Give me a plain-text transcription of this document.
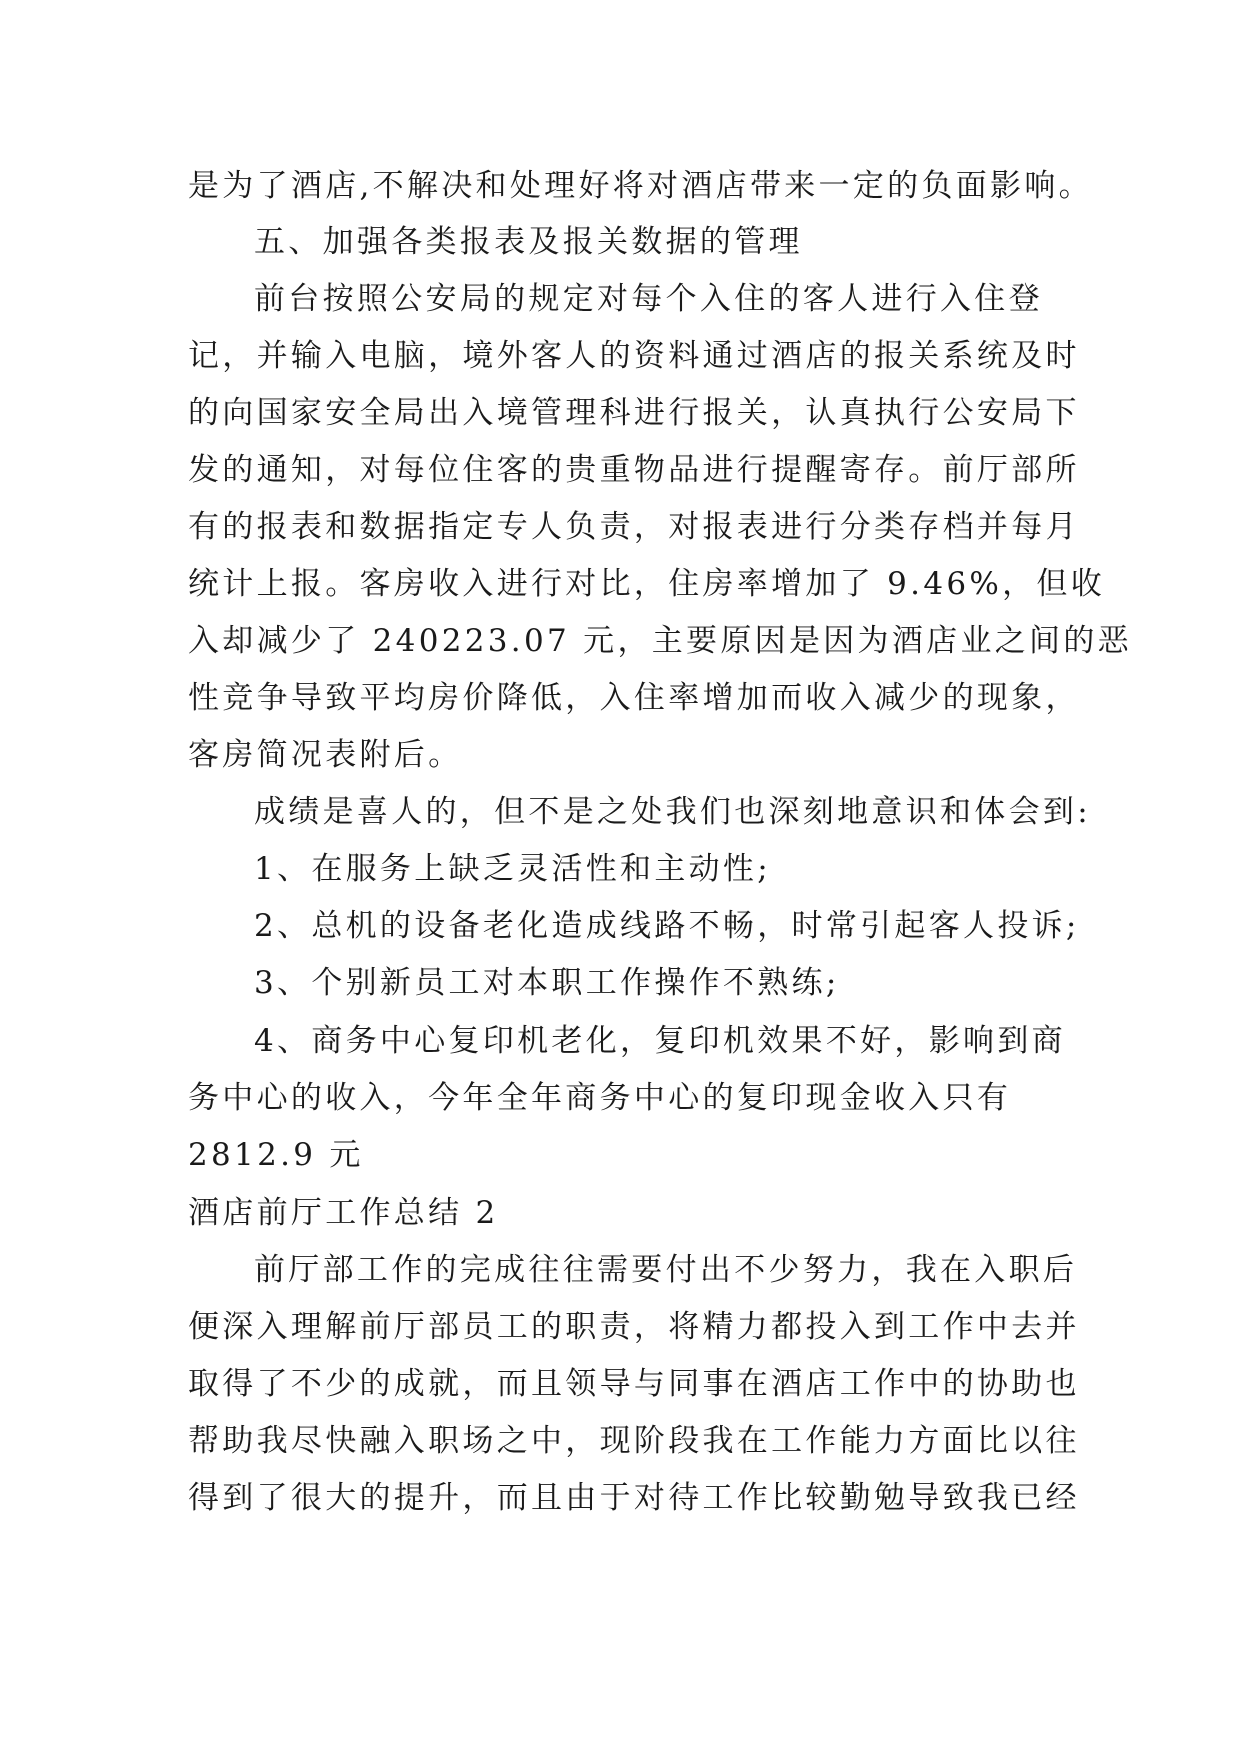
是为了酒店,不解决和处理好将对酒店带来一定的负面影响。
五、加强各类报表及报关数据的管理
前台按照公安局的规定对每个入住的客人进行入住登
记，并输入电脑，境外客人的资料通过酒店的报关系统及时
的向国家安全局出入境管理科进行报关，认真执行公安局下
发的通知，对每位住客的贵重物品进行提醒寄存。前厅部所
有的报表和数据指定专人负责，对报表进行分类存档并每月
统计上报。客房收入进行对比，住房率增加了 9.46%，但收
入却减少了 240223.07 元，主要原因是因为酒店业之间的恶
性竞争导致平均房价降低，入住率增加而收入减少的现象，
客房简况表附后。
成绩是喜人的，但不是之处我们也深刻地意识和体会到:
1、在服务上缺乏灵活性和主动性;
2、总机的设备老化造成线路不畅，时常引起客人投诉;
3、个别新员工对本职工作操作不熟练;
4、商务中心复印机老化，复印机效果不好，影响到商
务中心的收入，今年全年商务中心的复印现金收入只有
2812.9 元
酒店前厅工作总结 2
前厅部工作的完成往往需要付出不少努力，我在入职后
便深入理解前厅部员工的职责，将精力都投入到工作中去并
取得了不少的成就，而且领导与同事在酒店工作中的协助也
帮助我尽快融入职场之中，现阶段我在工作能力方面比以往
得到了很大的提升，而且由于对待工作比较勤勉导致我已经
